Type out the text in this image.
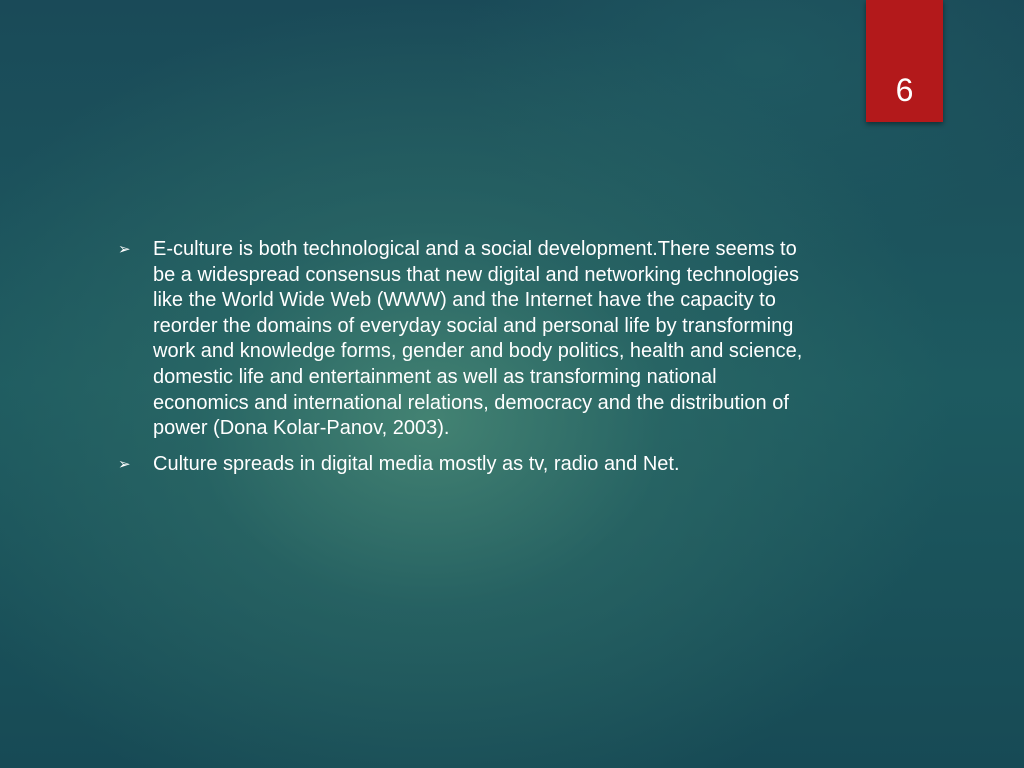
6
➢	E-culture is both technological and a social development.There seems to be a widespread consensus that new digital and networking technologies like the World Wide Web (WWW) and the Internet have the capacity to reorder the domains of everyday social and personal life by transforming work and knowledge forms, gender and body politics, health and science, domestic life and entertainment as well as transforming national economics and international relations, democracy and the distribution of power (Dona Kolar-Panov, 2003).
➢	Culture spreads in digital media mostly as tv, radio and Net.
